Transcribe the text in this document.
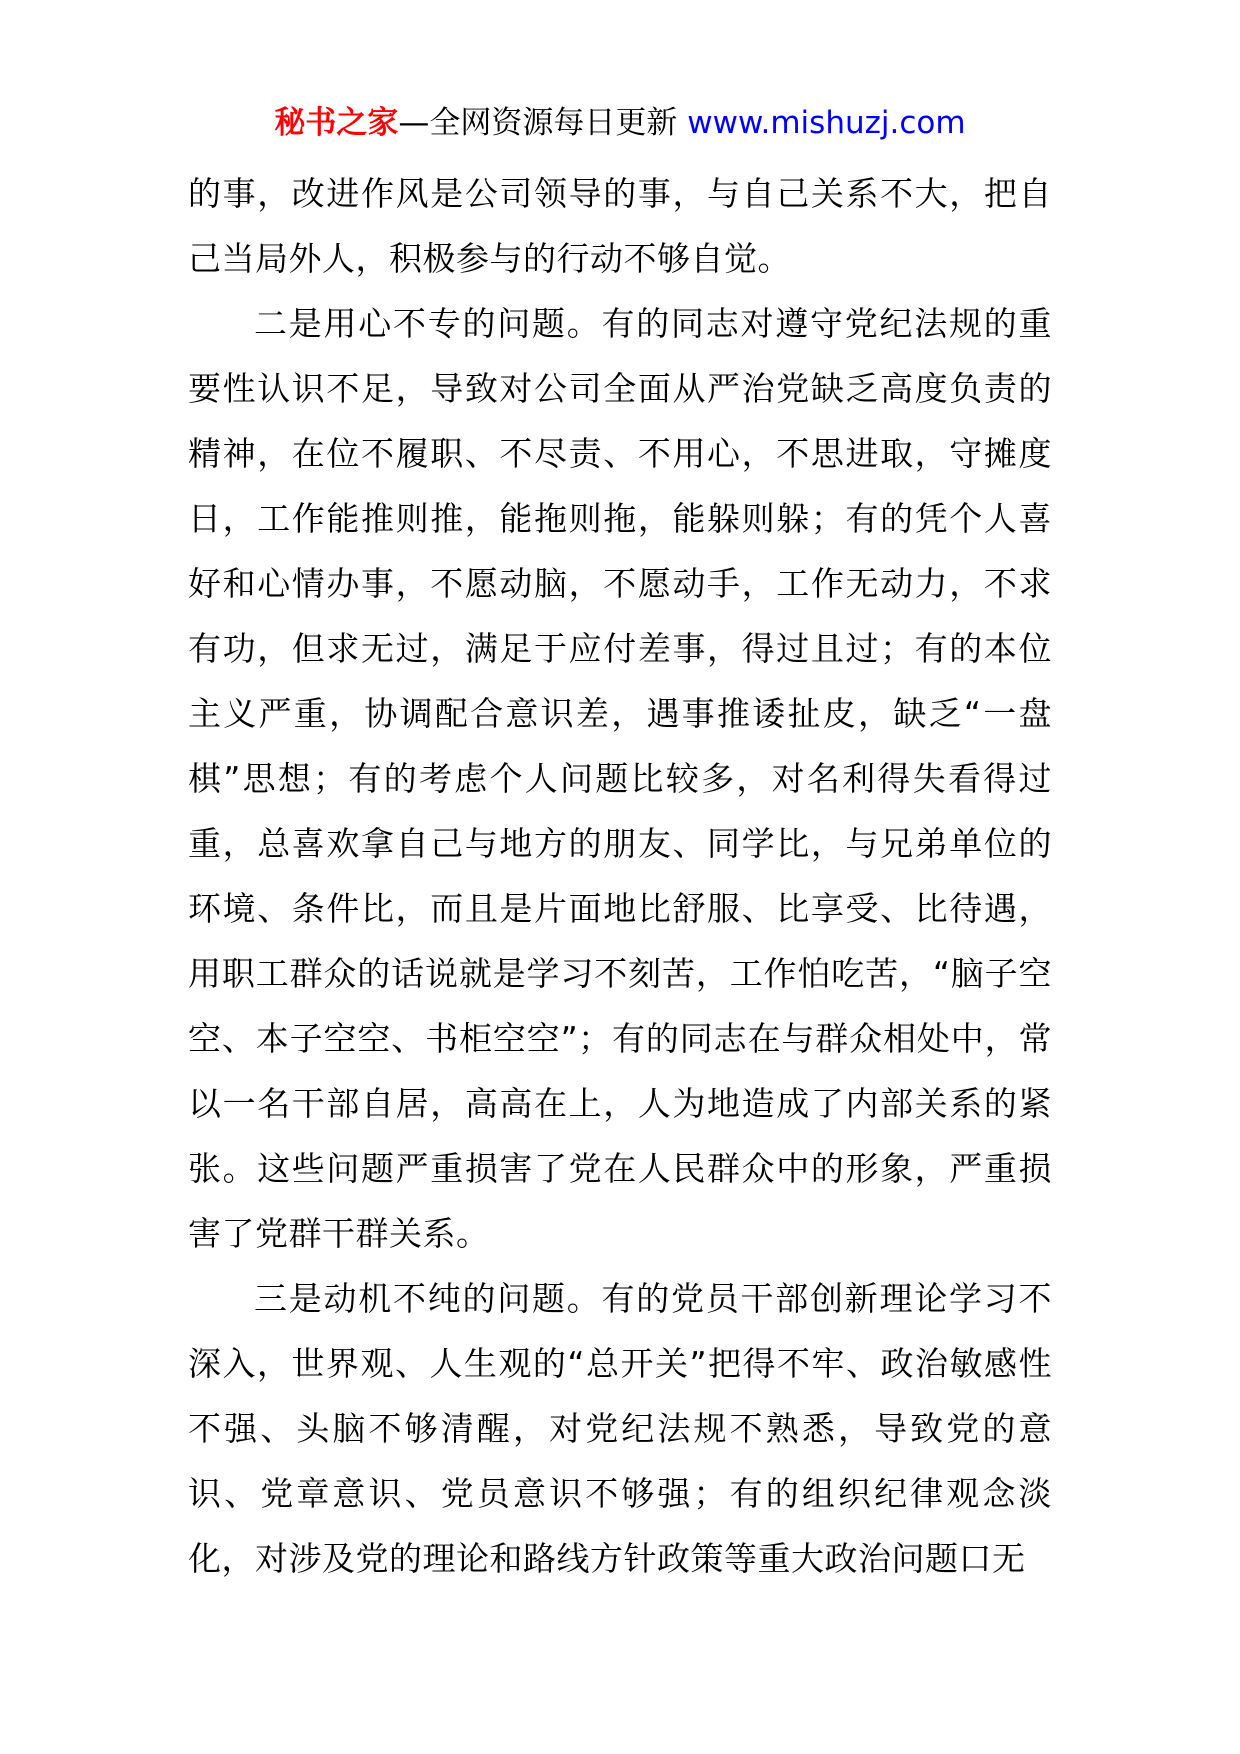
秘书之家—全网资源每日更新 www.mishuzj.com

的事，改进作风是公司领导的事，与自己关系不大，把自己当局外人，积极参与的行动不够自觉。

二是用心不专的问题。有的同志对遵守党纪法规的重要性认识不足，导致对公司全面从严治党缺乏高度负责的精神，在位不履职、不尽责、不用心，不思进取，守摊度日，工作能推则推，能拖则拖，能躲则躲；有的凭个人喜好和心情办事，不愿动脑，不愿动手，工作无动力，不求有功，但求无过，满足于应付差事，得过且过；有的本位主义严重，协调配合意识差，遇事推诿扯皮，缺乏“一盘棋”思想；有的考虑个人问题比较多，对名利得失看得过重，总喜欢拿自己与地方的朋友、同学比，与兄弟单位的环境、条件比，而且是片面地比舒服、比享受、比待遇，用职工群众的话说就是学习不刻苦，工作怕吃苦，“脑子空空、本子空空、书柜空空”；有的同志在与群众相处中，常以一名干部自居，高高在上，人为地造成了内部关系的紧张。这些问题严重损害了党在人民群众中的形象，严重损害了党群干群关系。

三是动机不纯的问题。有的党员干部创新理论学习不深入，世界观、人生观的“总开关”把得不牢、政治敏感性不强、头脑不够清醒，对党纪法规不熟悉，导致党的意识、党章意识、党员意识不够强；有的组织纪律观念淡化，对涉及党的理论和路线方针政策等重大政治问题口无
